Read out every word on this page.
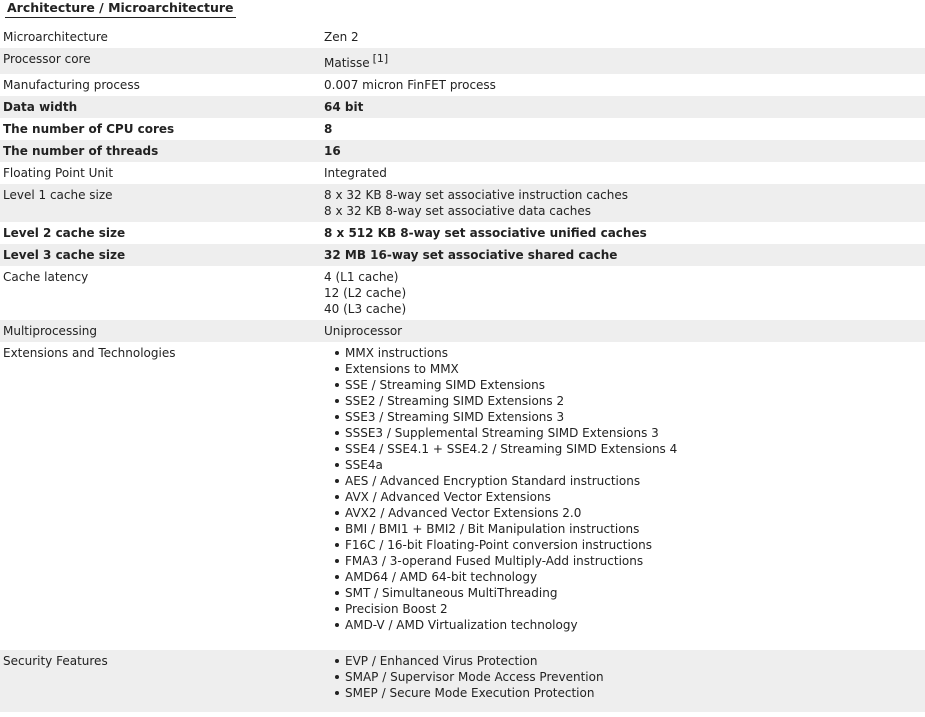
Architecture / Microarchitecture
Microarchitecture	Zen 2
Processor core	Matisse [1]
Manufacturing process	0.007 micron FinFET process
Data width	64 bit
The number of CPU cores	8
The number of threads	16
Floating Point Unit	Integrated
Level 1 cache size	8 x 32 KB 8-way set associative instruction caches
8 x 32 KB 8-way set associative data caches
Level 2 cache size	8 x 512 KB 8-way set associative unified caches
Level 3 cache size	32 MB 16-way set associative shared cache
Cache latency	4 (L1 cache)
12 (L2 cache)
40 (L3 cache)
Multiprocessing	Uniprocessor
Extensions and Technologies	MMX instructions
Extensions to MMX
SSE / Streaming SIMD Extensions
SSE2 / Streaming SIMD Extensions 2
SSE3 / Streaming SIMD Extensions 3
SSSE3 / Supplemental Streaming SIMD Extensions 3
SSE4 / SSE4.1 + SSE4.2 / Streaming SIMD Extensions 4
SSE4a
AES / Advanced Encryption Standard instructions
AVX / Advanced Vector Extensions
AVX2 / Advanced Vector Extensions 2.0
BMI / BMI1 + BMI2 / Bit Manipulation instructions
F16C / 16-bit Floating-Point conversion instructions
FMA3 / 3-operand Fused Multiply-Add instructions
AMD64 / AMD 64-bit technology
SMT / Simultaneous MultiThreading
Precision Boost 2
AMD-V / AMD Virtualization technology
Security Features	EVP / Enhanced Virus Protection
SMAP / Supervisor Mode Access Prevention
SMEP / Secure Mode Execution Protection
